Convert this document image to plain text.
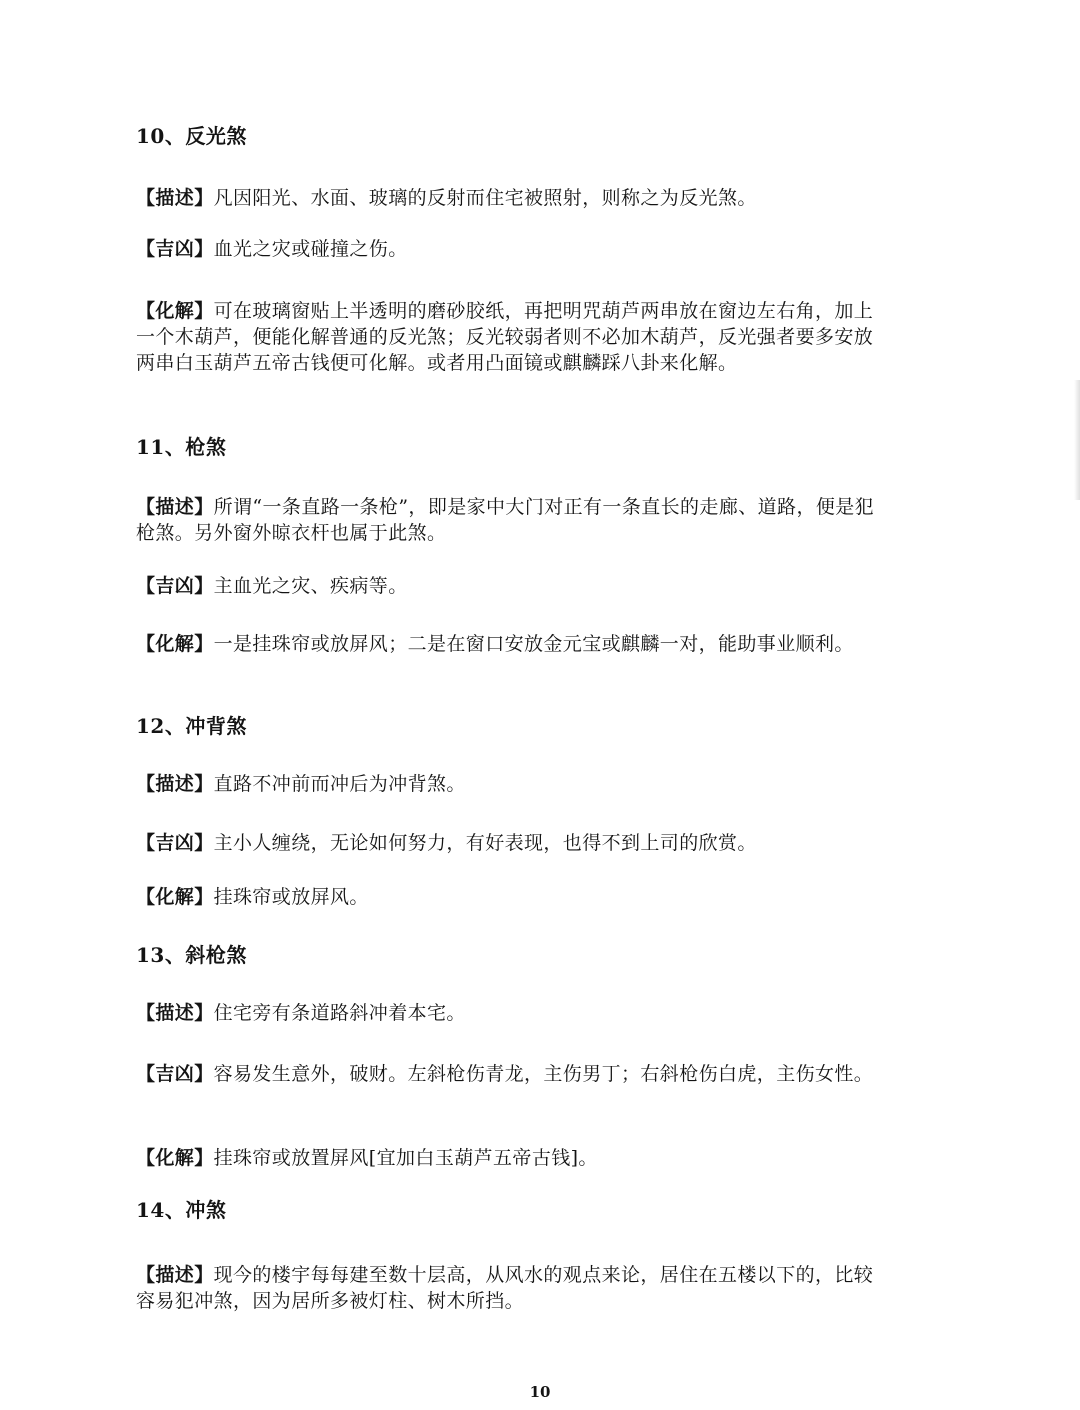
10、反光煞

【描述】凡因阳光、水面、玻璃的反射而住宅被照射，则称之为反光煞。

【吉凶】血光之灾或碰撞之伤。

【化解】可在玻璃窗贴上半透明的磨砂胶纸，再把明咒葫芦两串放在窗边左右角，加上一个木葫芦，便能化解普通的反光煞；反光较弱者则不必加木葫芦，反光强者要多安放两串白玉葫芦五帝古钱便可化解。或者用凸面镜或麒麟踩八卦来化解。

11、枪煞

【描述】所谓“一条直路一条枪”，即是家中大门对正有一条直长的走廊、道路，便是犯枪煞。另外窗外晾衣杆也属于此煞。

【吉凶】主血光之灾、疾病等。

【化解】一是挂珠帘或放屏风；二是在窗口安放金元宝或麒麟一对，能助事业顺利。

12、冲背煞

【描述】直路不冲前而冲后为冲背煞。

【吉凶】主小人缠绕，无论如何努力，有好表现，也得不到上司的欣赏。

【化解】挂珠帘或放屏风。

13、斜枪煞

【描述】住宅旁有条道路斜冲着本宅。

【吉凶】容易发生意外，破财。左斜枪伤青龙，主伤男丁；右斜枪伤白虎，主伤女性。

【化解】挂珠帘或放置屏风[宜加白玉葫芦五帝古钱]。

14、冲煞

【描述】现今的楼宇每每建至数十层高，从风水的观点来论，居住在五楼以下的，比较容易犯冲煞，因为居所多被灯柱、树木所挡。

10
